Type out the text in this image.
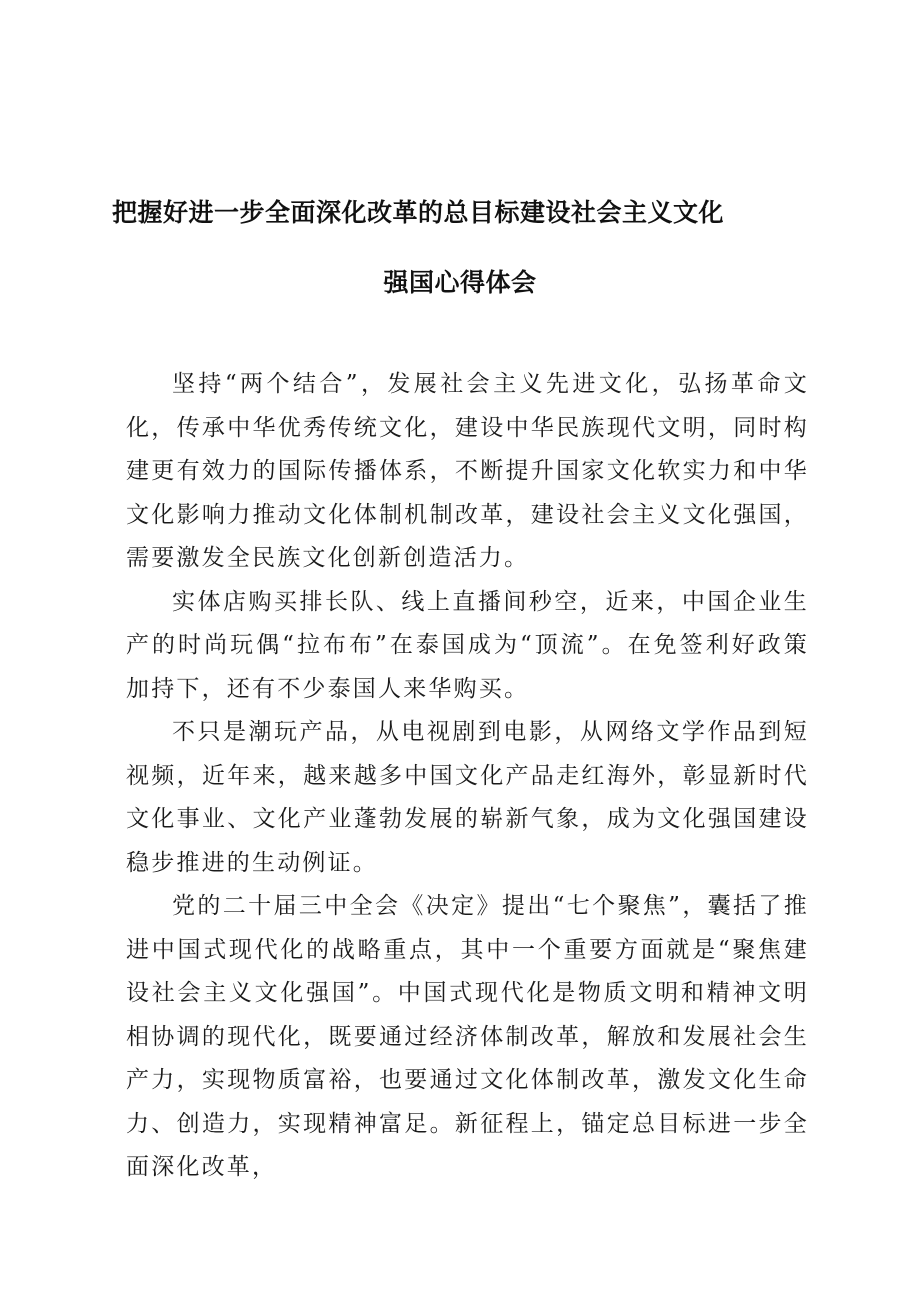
把握好进一步全面深化改革的总目标建设社会主义文化
强国心得体会

坚持“两个结合”，发展社会主义先进文化，弘扬革命文化，传承中华优秀传统文化，建设中华民族现代文明，同时构建更有效力的国际传播体系，不断提升国家文化软实力和中华文化影响力推动文化体制机制改革，建设社会主义文化强国，需要激发全民族文化创新创造活力。

实体店购买排长队、线上直播间秒空，近来，中国企业生产的时尚玩偶“拉布布”在泰国成为“顶流”。在免签利好政策加持下，还有不少泰国人来华购买。

不只是潮玩产品，从电视剧到电影，从网络文学作品到短视频，近年来，越来越多中国文化产品走红海外，彰显新时代文化事业、文化产业蓬勃发展的崭新气象，成为文化强国建设稳步推进的生动例证。

党的二十届三中全会《决定》提出“七个聚焦”，囊括了推进中国式现代化的战略重点，其中一个重要方面就是“聚焦建设社会主义文化强国”。中国式现代化是物质文明和精神文明相协调的现代化，既要通过经济体制改革，解放和发展社会生产力，实现物质富裕，也要通过文化体制改革，激发文化生命力、创造力，实现精神富足。新征程上，锚定总目标进一步全面深化改革，
